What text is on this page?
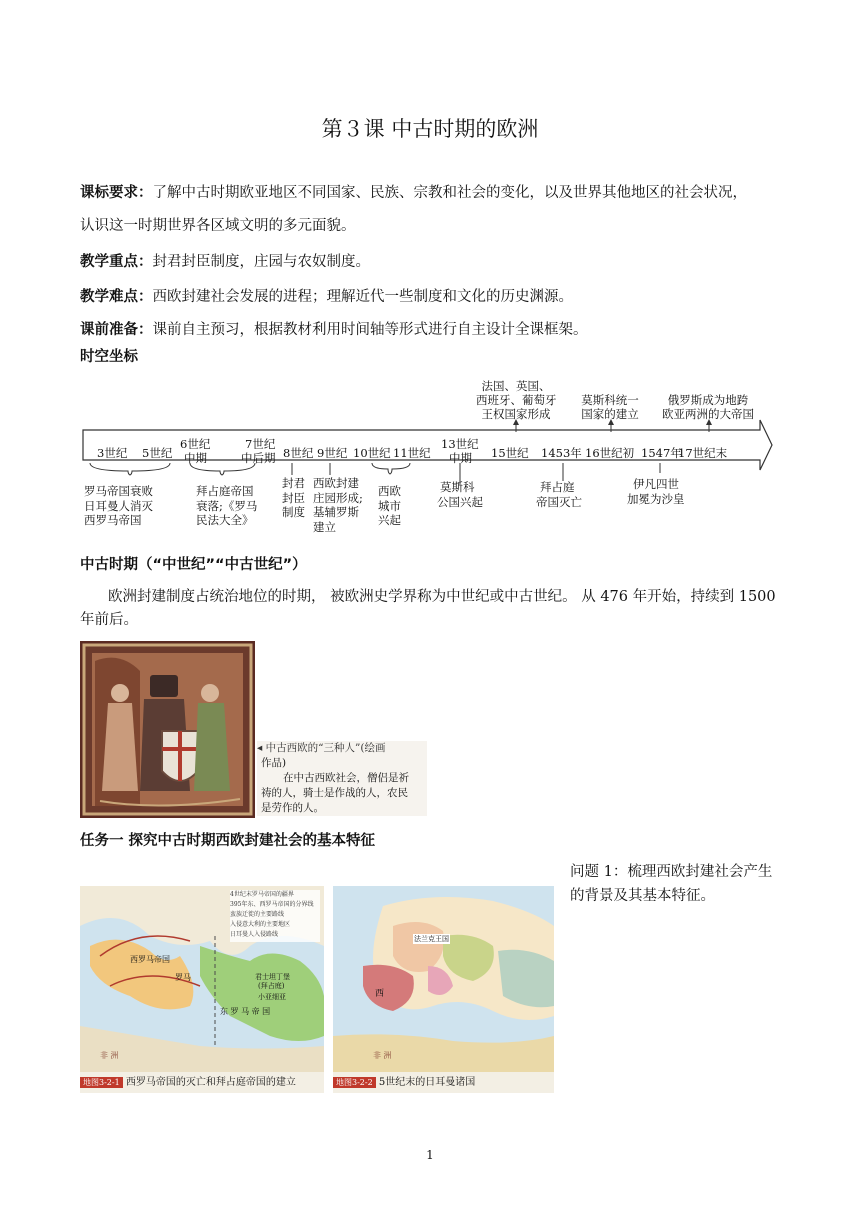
第３课 中古时期的欧洲
课标要求：了解中古时期欧亚地区不同国家、民族、宗教和社会的变化，以及世界其他地区的社会状况，
认识这一时期世界各区域文明的多元面貌。
教学重点：封君封臣制度，庄园与农奴制度。
教学难点：西欧封建社会发展的进程；理解近代一些制度和文化的历史渊源。
课前准备：课前自主预习，根据教材利用时间轴等形式进行自主设计全课框架。
时空坐标
3世纪 5世纪
6世纪
中期
7世纪
中后期 8世纪 9世纪 10世纪 11世纪
13世纪
中期 15世纪 1453年 16世纪初 1547年
17世纪末
法国、英国、
西班牙、葡萄牙
王权国家形成
莫斯科统一
国家的建立
俄罗斯成为地跨
欧亚两洲的大帝国
罗马帝国衰败
日耳曼人消灭
西罗马帝国
拜占庭帝国
衰落;《罗马
民法大全》
封君
封臣
制度
西欧封建
庄园形成;
基辅罗斯
建立
西欧
城市
兴起
莫斯科
公国兴起
拜占庭
帝国灭亡
伊凡四世
加冕为沙皇
中古时期（“中世纪”“中古世纪”）
欧洲封建制度占统治地位的时期， 被欧洲史学界称为中世纪或中古世纪。 从 476 年开始，持续到 1500
年前后。
◂ 中古西欧的“三种人”(绘画
作品)
在中古西欧社会，僧侣是祈
祷的人，骑士是作战的人，农民
是劳作的人。
任务一 探究中古时期西欧封建社会的基本特征
问题 1：梳理西欧封建社会产生
的背景及其基本特征。
4世纪末罗马帝国的疆界
395年东、西罗马帝国的分界线
蛮族迁徙的主要路线
入侵意大利的主要地区
日耳曼人入侵路线
西罗马帝国
罗马	君士坦丁堡
(拜占庭)
小亚细亚
东 罗 马 帝 国
非 洲
地图3-2-1 西罗马帝国的灭亡和拜占庭帝国的建立
法兰克王国
西
非 洲
地图3-2-2 5世纪末的日耳曼诸国
1
